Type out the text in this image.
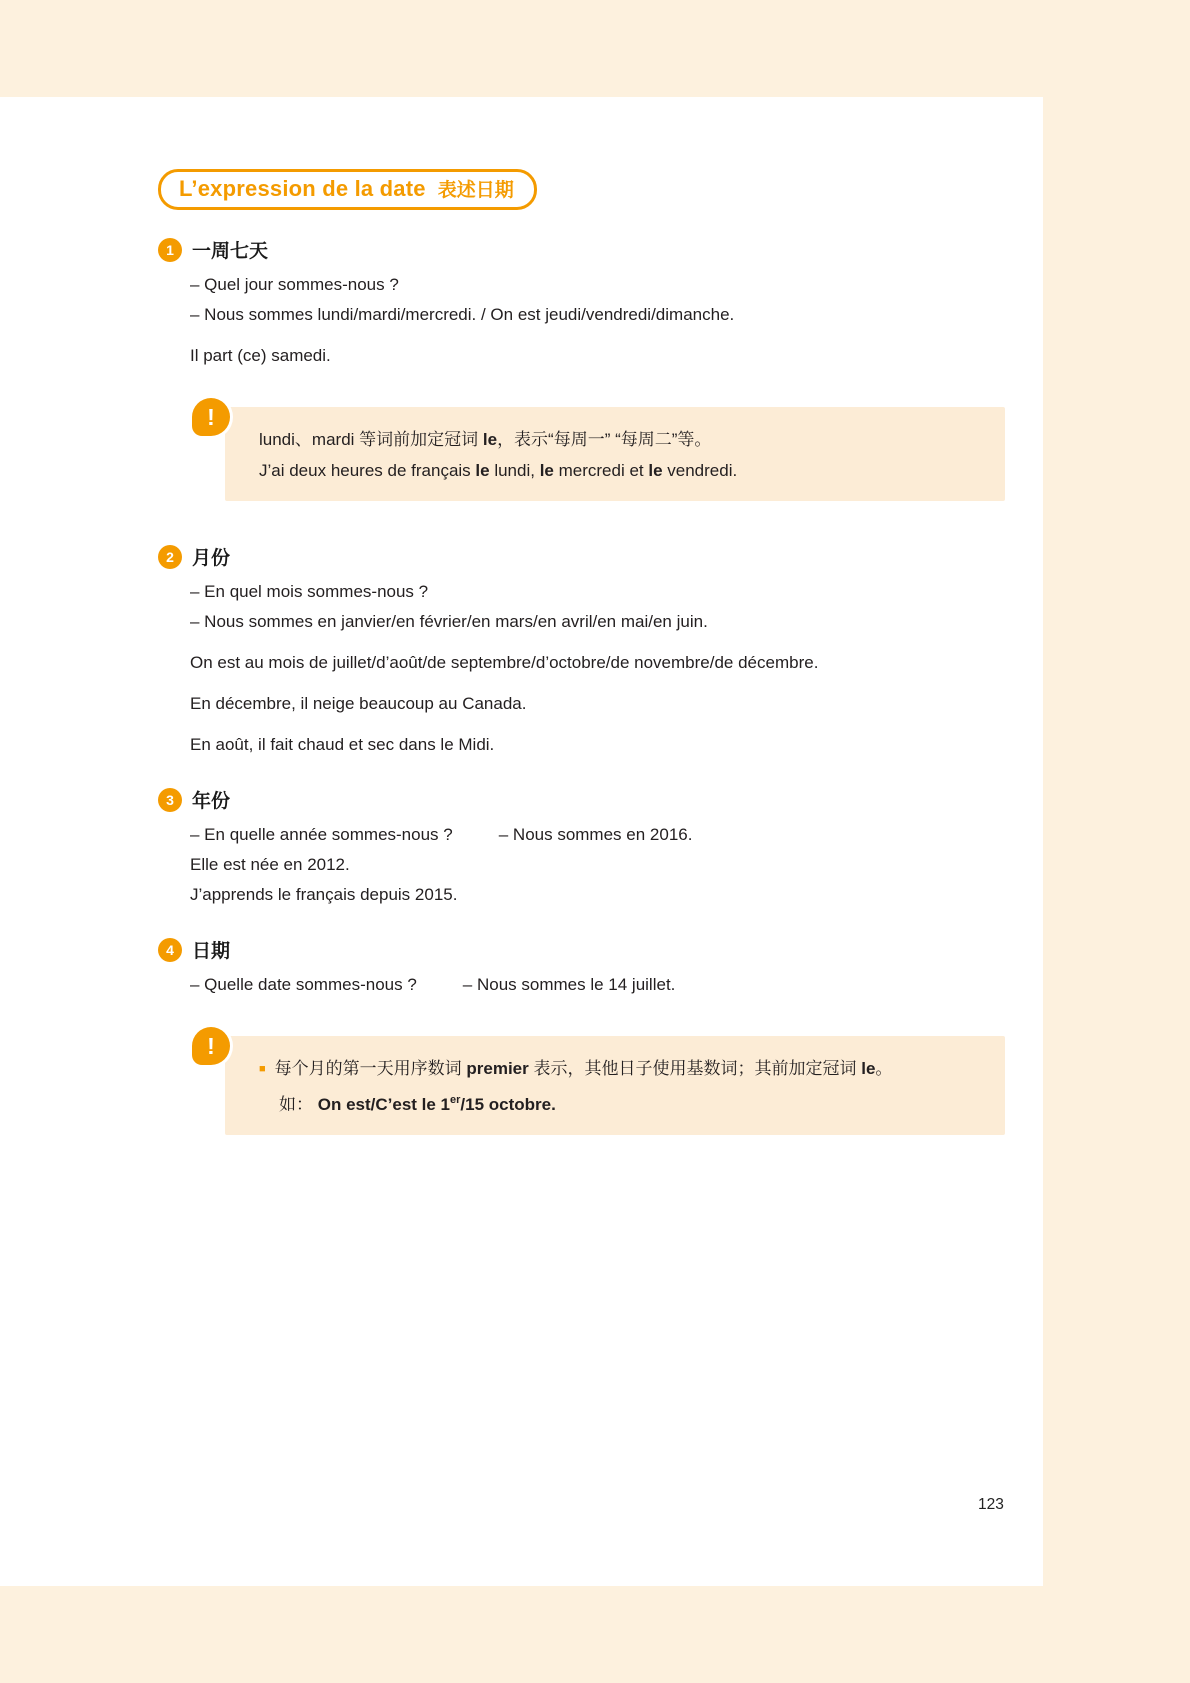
L’expression de la date 表述日期
1 一周七天
– Quel jour sommes-nous ?
– Nous sommes lundi/mardi/mercredi. / On est jeudi/vendredi/dimanche.
Il part (ce) samedi.
!
lundi、mardi 等词前加定冠词 le，表示“每周一” “每周二”等。
J’ai deux heures de français le lundi, le mercredi et le vendredi.
2 月份
– En quel mois sommes-nous ?
– Nous sommes en janvier/en février/en mars/en avril/en mai/en juin.
On est au mois de juillet/d’août/de septembre/d’octobre/de novembre/de décembre.
En décembre, il neige beaucoup au Canada.
En août, il fait chaud et sec dans le Midi.
3 年份
– En quelle année sommes-nous ?	– Nous sommes en 2016.
Elle est née en 2012.
J’apprends le français depuis 2015.
4 日期
– Quelle date sommes-nous ?	– Nous sommes le 14 juillet.
!
■ 每个月的第一天用序数词 premier 表示，其他日子使用基数词；其前加定冠词 le。
如： On est/C’est le 1er/15 octobre.
123
